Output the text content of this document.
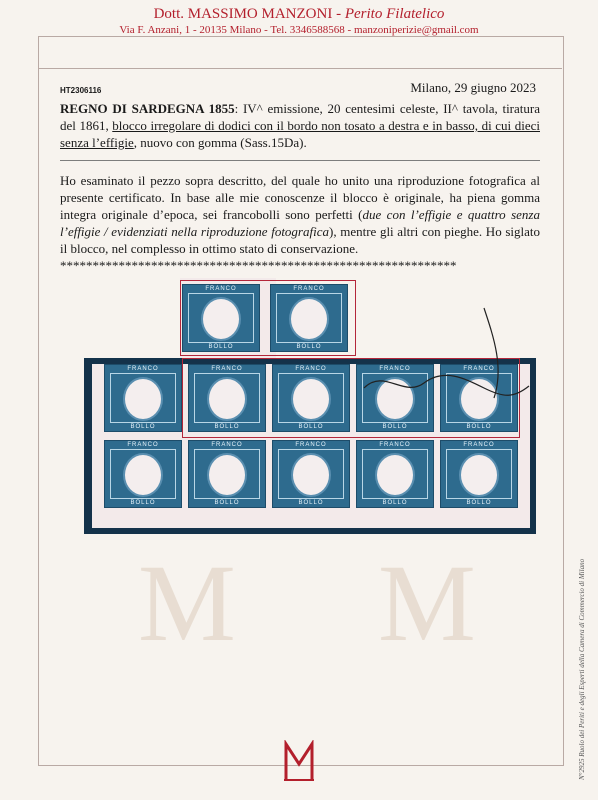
Dott. MASSIMO MANZONI - Perito Filatelico
Via F. Anzani, 1 - 20135 Milano - Tel. 3346588568 - manzoniperizie@gmail.com
HT2306116	Milano, 29 giugno 2023
REGNO DI SARDEGNA 1855: IV^ emissione, 20 centesimi celeste, II^ tavola, tiratura del 1861, blocco irregolare di dodici con il bordo non tosato a destra e in basso, di cui dieci senza l’effigie, nuovo con gomma (Sass.15Da).
Ho esaminato il pezzo sopra descritto, del quale ho unito una riproduzione fotografica al presente certificato. In base alle mie conoscenze il blocco è originale, ha piena gomma integra originale d’epoca, sei francobolli sono perfetti (due con l’effigie e quattro senza l’effigie / evidenziati nella riproduzione fotografica), mentre gli altri con pieghe. Ho siglato il blocco, nel complesso in ottimo stato di conservazione.
*************************************************************
M M
FRANCO
BOLLO
FRANCO
BOLLO
FRANCO
BOLLO
FRANCO
BOLLO
FRANCO
BOLLO
FRANCO
BOLLO
FRANCO
BOLLO
FRANCO
BOLLO
FRANCO
BOLLO
FRANCO
BOLLO
FRANCO
BOLLO
FRANCO
BOLLO
N°2925 Ruolo dei Periti e degli Esperti della Camera di Commercio di Milano
